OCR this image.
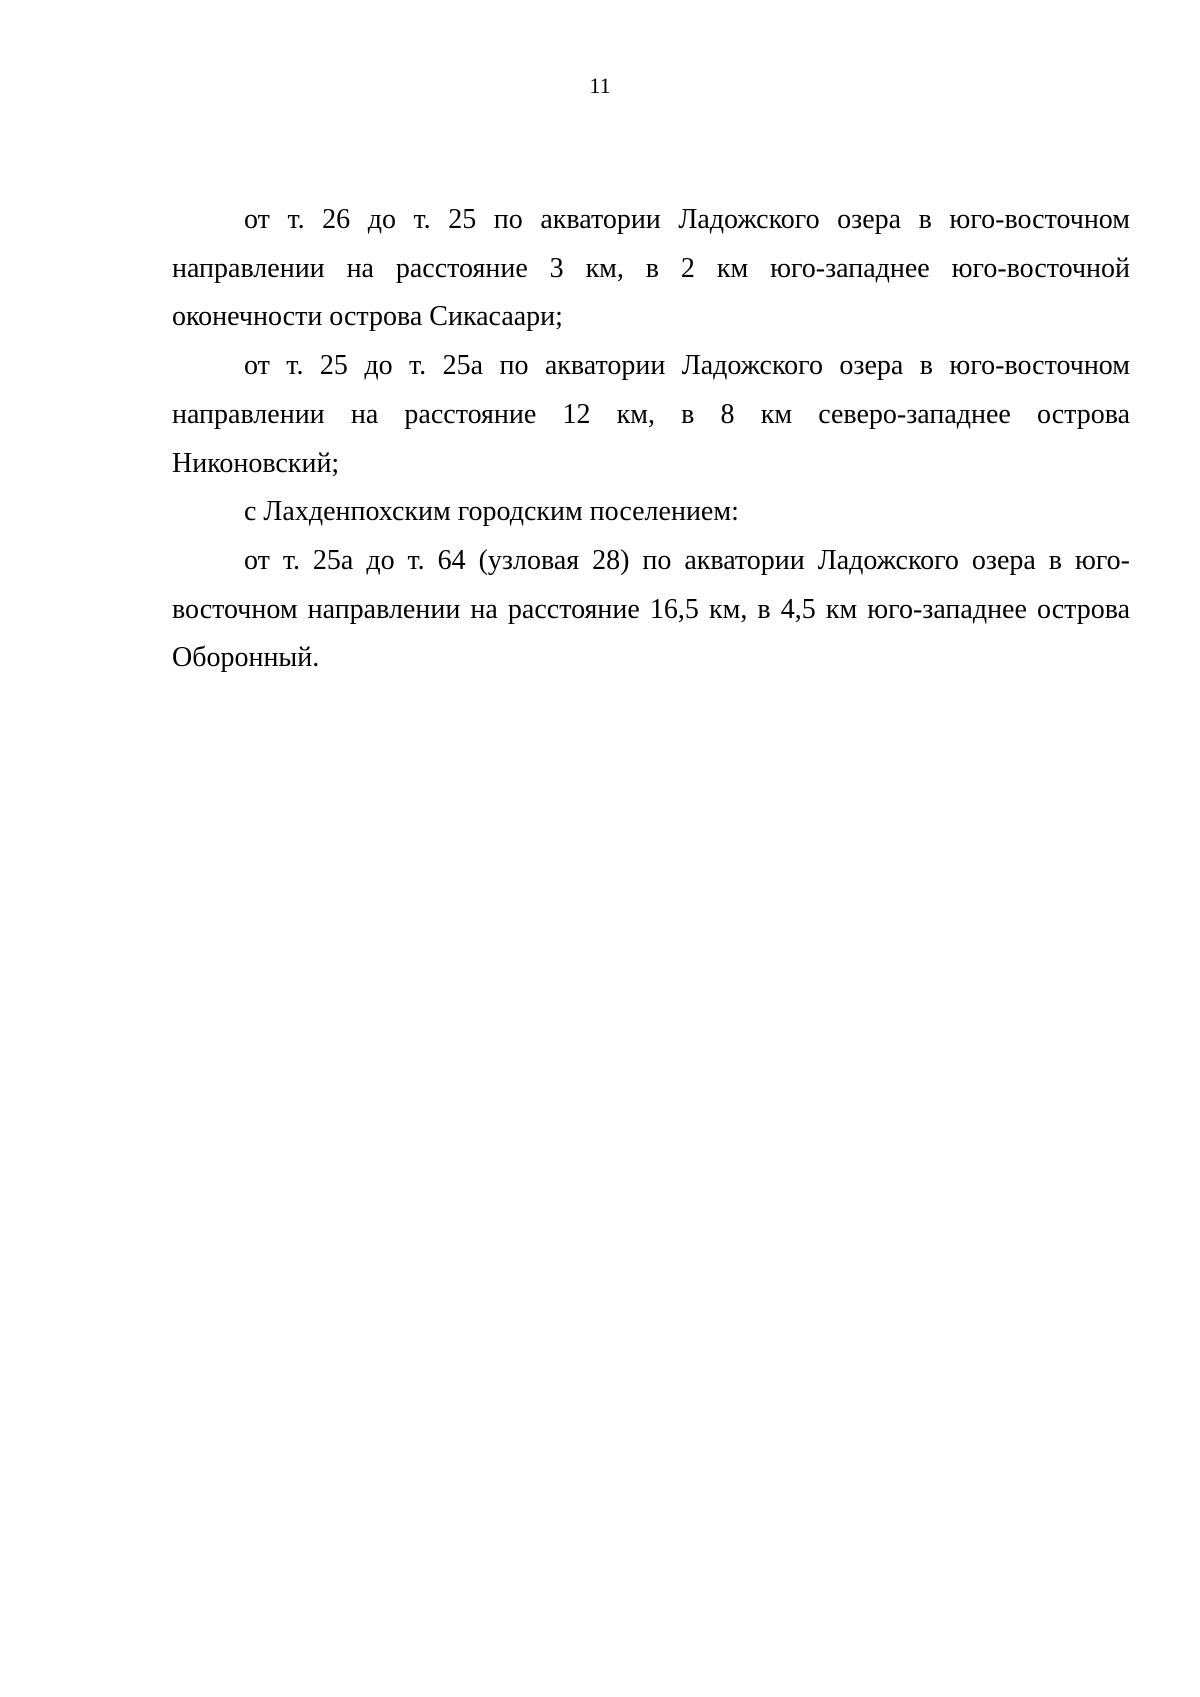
11

от т. 26 до т. 25 по акватории Ладожского озера в юго-восточном направлении на расстояние 3 км, в 2 км юго-западнее юго-восточной оконечности острова Сикасаари;

от т. 25 до т. 25а по акватории Ладожского озера в юго-восточном направлении на расстояние 12 км, в 8 км северо-западнее острова Никоновский;

с Лахденпохским городским поселением:

от т. 25а до т. 64 (узловая 28) по акватории Ладожского озера в юго-восточном направлении на расстояние 16,5 км, в 4,5 км юго-западнее острова Оборонный.
